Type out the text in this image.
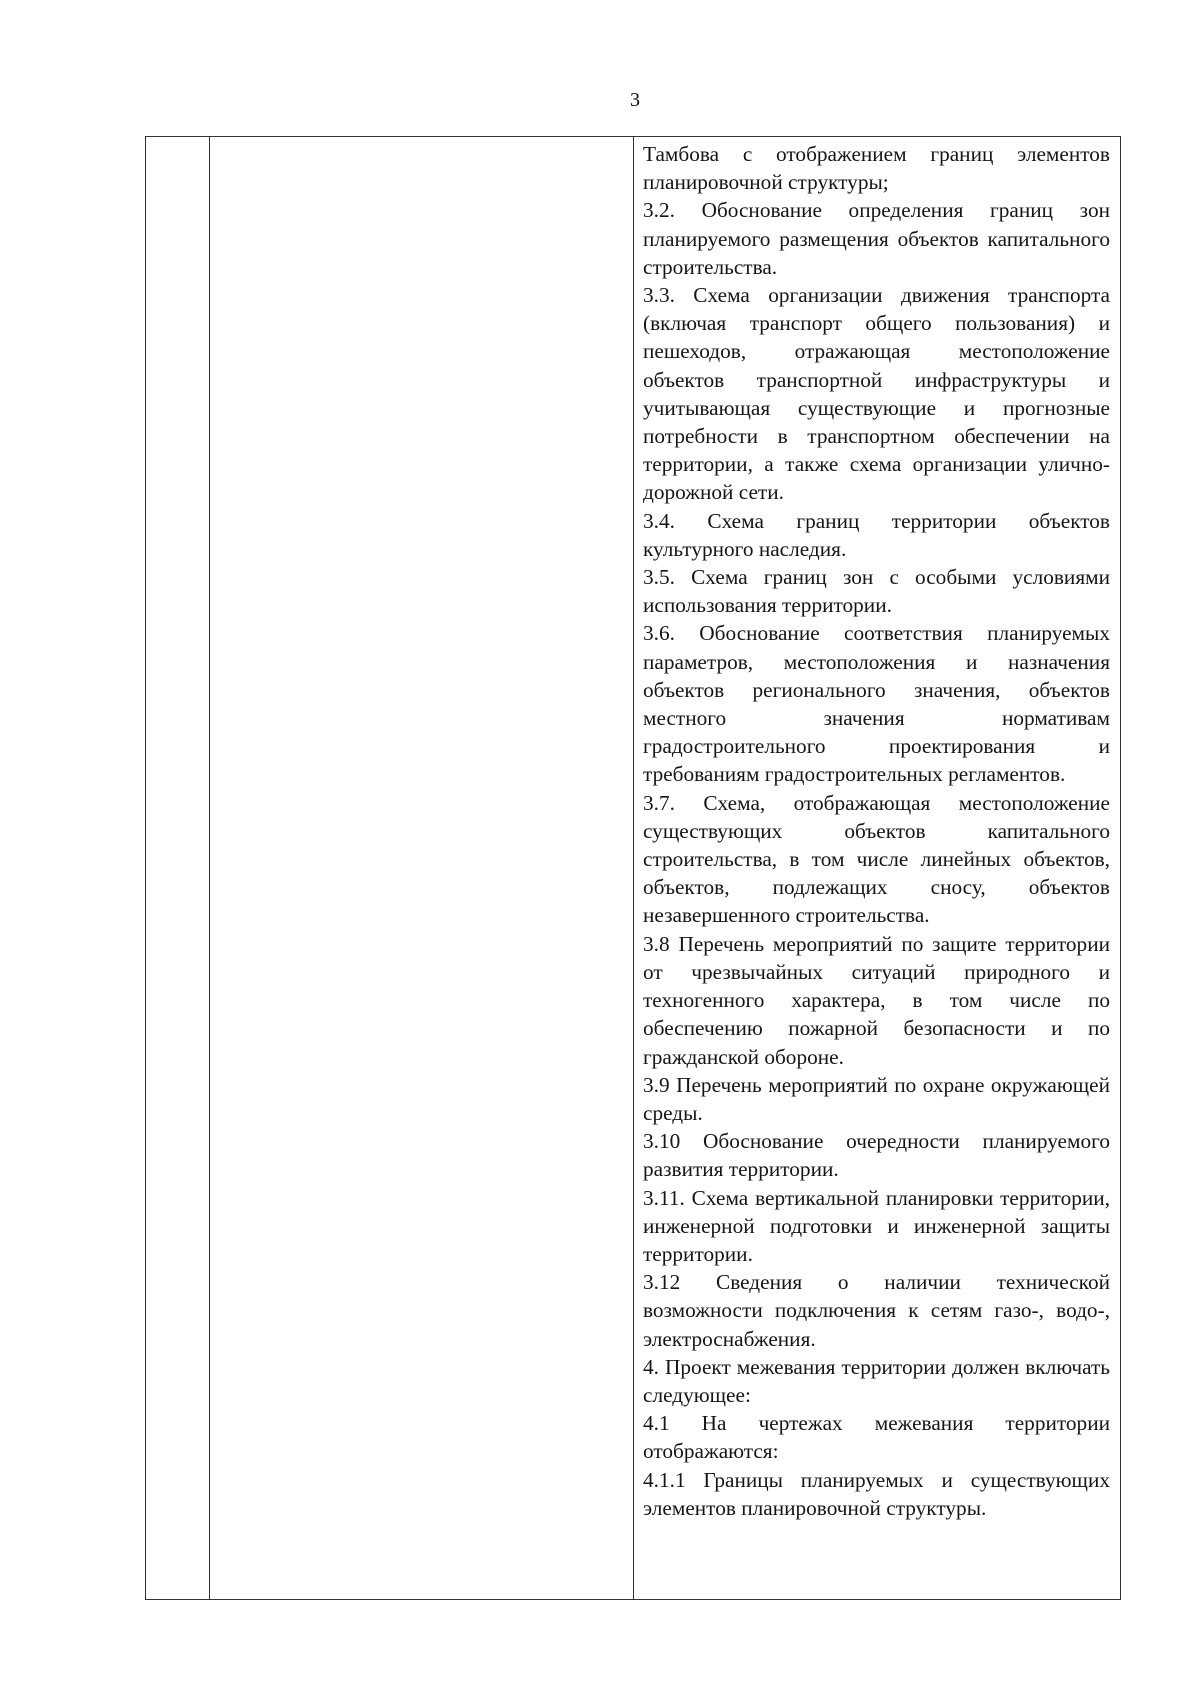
3

Тамбова с отображением границ элементов планировочной структуры;

3.2. Обоснование определения границ зон планируемого размещения объектов капитального строительства.

3.3. Схема организации движения транспорта (включая транспорт общего пользования) и пешеходов, отражающая местоположение объектов транспортной инфраструктуры и учитывающая существующие и прогнозные потребности в транспортном обеспечении на территории, а также схема организации улично-дорожной сети.

3.4. Схема границ территории объектов культурного наследия.

3.5. Схема границ зон с особыми условиями использования территории.

3.6. Обоснование соответствия планируемых параметров, местоположения и назначения объектов регионального значения, объектов местного значения нормативам градостроительного проектирования и требованиям градостроительных регламентов.

3.7. Схема, отображающая местоположение существующих объектов капитального строительства, в том числе линейных объектов, объектов, подлежащих сносу, объектов незавершенного строительства.

3.8 Перечень мероприятий по защите территории от чрезвычайных ситуаций природного и техногенного характера, в том числе по обеспечению пожарной безопасности и по гражданской обороне.

3.9 Перечень мероприятий по охране окружающей среды.

3.10 Обоснование очередности планируемого развития территории.

3.11. Схема вертикальной планировки территории, инженерной подготовки и инженерной защиты территории.

3.12 Сведения о наличии технической возможности подключения к сетям газо-, водо-, электроснабжения.

4. Проект межевания территории должен включать следующее:

4.1 На чертежах межевания территории отображаются:

4.1.1 Границы планируемых и существующих элементов планировочной структуры.
